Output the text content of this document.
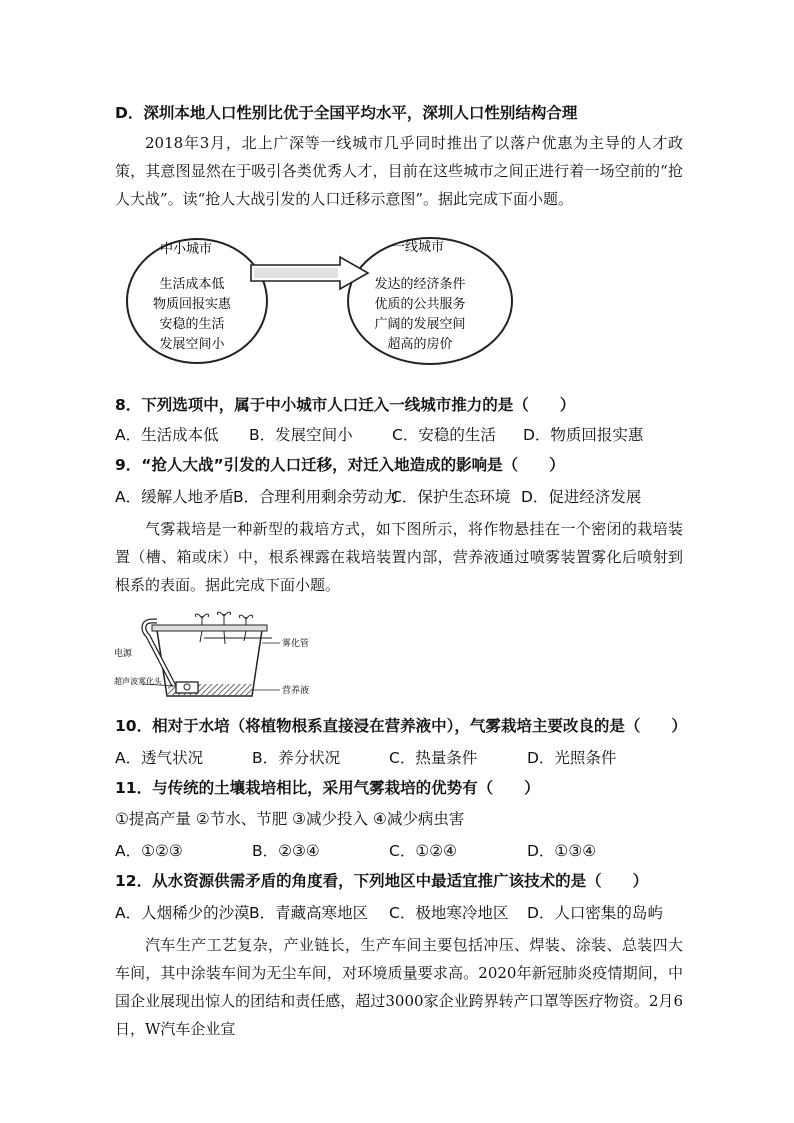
D．深圳本地人口性别比优于全国平均水平，深圳人口性别结构合理
2018年3月，北上广深等一线城市几乎同时推出了以落户优惠为主导的人才政策，其意图显然在于吸引各类优秀人才，目前在这些城市之间正进行着一场空前的“抢人大战”。读“抢人大战引发的人口迁移示意图”。据此完成下面小题。
中小城市
生活成本低
物质回报实惠
安稳的生活
发展空间小
一线城市
发达的经济条件
优质的公共服务
广阔的发展空间
超高的房价
8．下列选项中，属于中小城市人口迁入一线城市推力的是（　　）
A．生活成本低 B．发展空间小	C．安稳的生活 D．物质回报实惠
9．“抢人大战”引发的人口迁移，对迁入地造成的影响是（　　）
A．缓解人地矛盾B．合理利用剩余劳动力C．保护生态环境 D．促进经济发展
气雾栽培是一种新型的栽培方式，如下图所示，将作物悬挂在一个密闭的栽培装置（槽、箱或床）中，根系裸露在栽培装置内部，营养液通过喷雾装置雾化后喷射到根系的表面。据此完成下面小题。
电源
雾化管
营养液
超声波雾化头
10．相对于水培（将植物根系直接浸在营养液中），气雾栽培主要改良的是（　　）
A．透气状况	B．养分状况	C．热量条件	D．光照条件
11．与传统的土壤栽培相比，采用气雾栽培的优势有（　　）
①提高产量 ②节水、节肥 ③减少投入 ④减少病虫害
A．①②③	B．②③④	C．①②④	D．①③④
12．从水资源供需矛盾的角度看，下列地区中最适宜推广该技术的是（　　）
A．人烟稀少的沙漠B．青藏高寒地区 C．极地寒冷地区 D．人口密集的岛屿
汽车生产工艺复杂，产业链长，生产车间主要包括冲压、焊装、涂装、总装四大车间，其中涂装车间为无尘车间，对环境质量要求高。2020年新冠肺炎疫情期间，中国企业展现出惊人的团结和责任感，超过3000家企业跨界转产口罩等医疗物资。2月6日，W汽车企业宣
